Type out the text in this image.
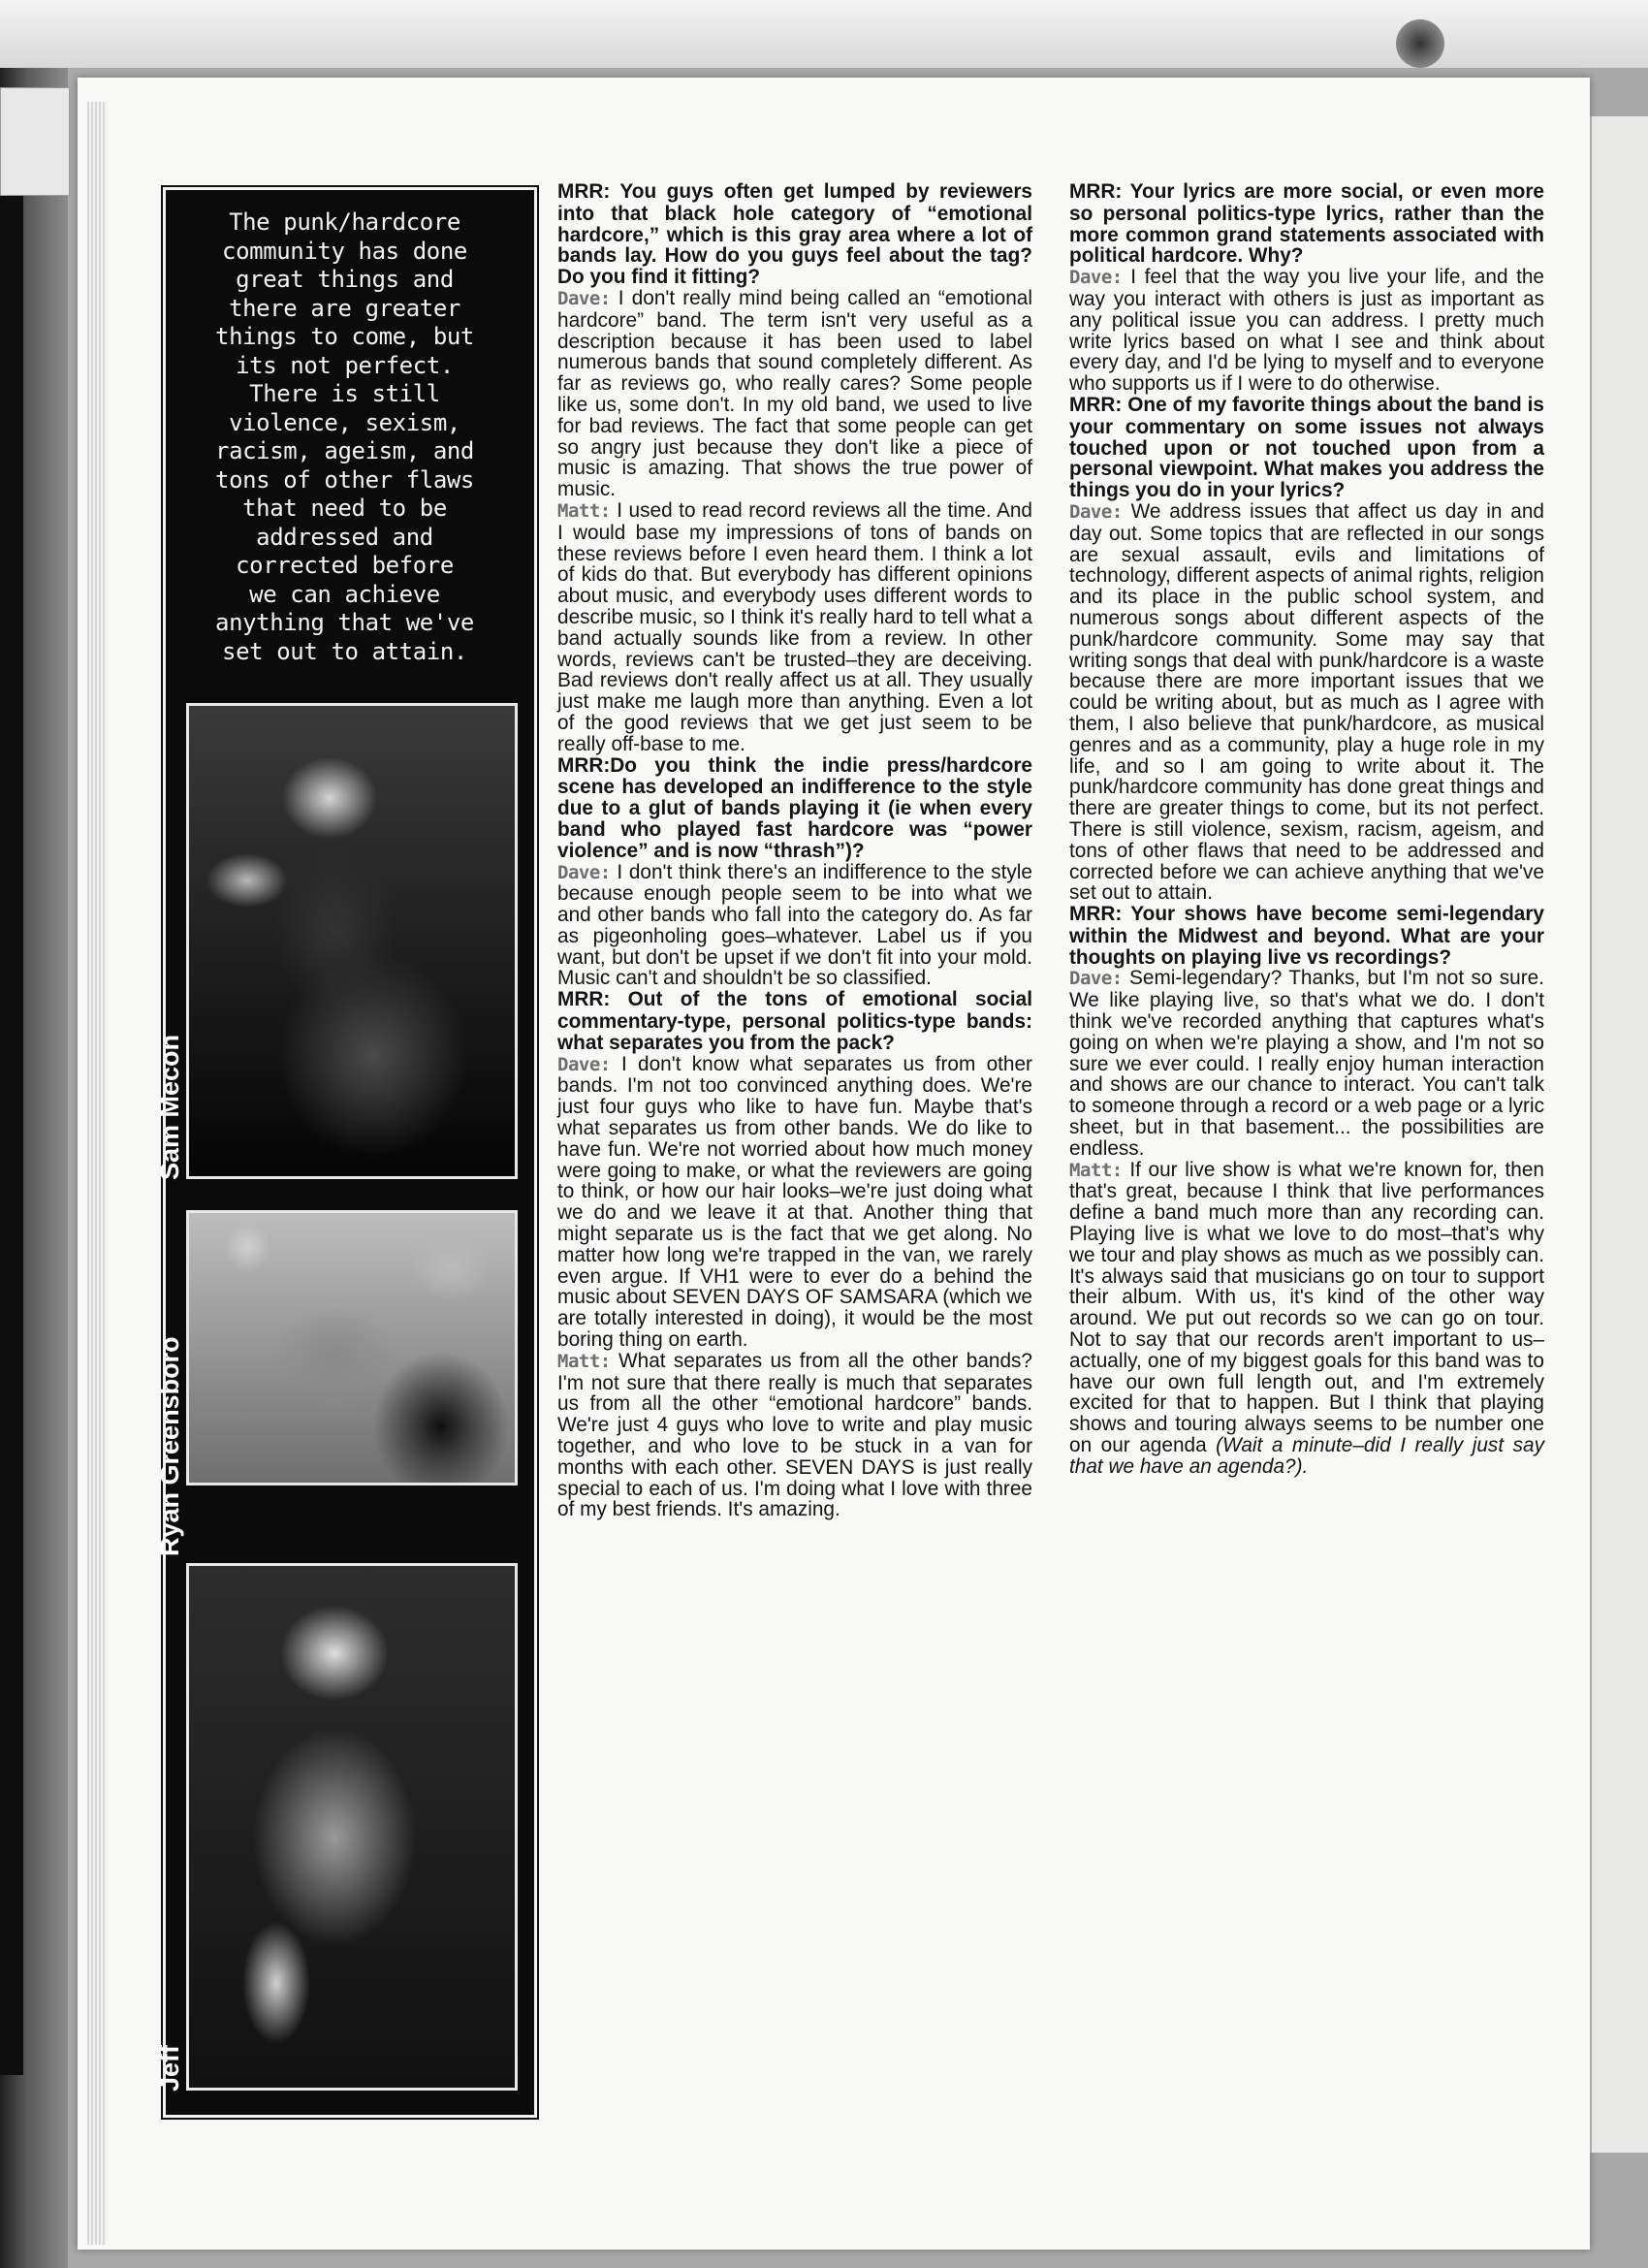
The punk/hardcore
community has done
great things and
there are greater
things to come, but
its not perfect.
There is still
violence, sexism,
racism, ageism, and
tons of other flaws
that need to be
addressed and
corrected before
we can achieve
anything that we've
set out to attain.

Sam Mecon
Ryan Greensboro
Jeff

MRR: You guys often get lumped by reviewers into that black hole category of “emotional hardcore,” which is this gray area where a lot of bands lay. How do you guys feel about the tag? Do you find it fitting?

Dave: I don't really mind being called an “emotional hardcore” band. The term isn't very useful as a description because it has been used to label numerous bands that sound completely different. As far as reviews go, who really cares? Some people like us, some don't. In my old band, we used to live for bad reviews. The fact that some people can get so angry just because they don't like a piece of music is amazing. That shows the true power of music.

Matt: I used to read record reviews all the time. And I would base my impressions of tons of bands on these reviews before I even heard them. I think a lot of kids do that. But everybody has different opinions about music, and everybody uses different words to describe music, so I think it's really hard to tell what a band actually sounds like from a review. In other words, reviews can't be trusted–they are deceiving. Bad reviews don't really affect us at all. They usually just make me laugh more than anything. Even a lot of the good reviews that we get just seem to be really off-base to me.

MRR:Do you think the indie press/hardcore scene has developed an indifference to the style due to a glut of bands playing it (ie when every band who played fast hardcore was “power violence” and is now “thrash”)?

Dave: I don't think there's an indifference to the style because enough people seem to be into what we and other bands who fall into the category do. As far as pigeonholing goes–whatever. Label us if you want, but don't be upset if we don't fit into your mold. Music can't and shouldn't be so classified.

MRR: Out of the tons of emotional social commentary-type, personal politics-type bands: what separates you from the pack?

Dave: I don't know what separates us from other bands. I'm not too convinced anything does. We're just four guys who like to have fun. Maybe that's what separates us from other bands. We do like to have fun. We're not worried about how much money were going to make, or what the reviewers are going to think, or how our hair looks–we're just doing what we do and we leave it at that. Another thing that might separate us is the fact that we get along. No matter how long we're trapped in the van, we rarely even argue. If VH1 were to ever do a behind the music about SEVEN DAYS OF SAMSARA (which we are totally interested in doing), it would be the most boring thing on earth.

Matt: What separates us from all the other bands? I'm not sure that there really is much that separates us from all the other “emotional hardcore” bands. We're just 4 guys who love to write and play music together, and who love to be stuck in a van for months with each other. SEVEN DAYS is just really special to each of us. I'm doing what I love with three of my best friends. It's amazing.

MRR: Your lyrics are more social, or even more so personal politics-type lyrics, rather than the more common grand statements associated with political hardcore. Why?

Dave: I feel that the way you live your life, and the way you interact with others is just as important as any political issue you can address. I pretty much write lyrics based on what I see and think about every day, and I'd be lying to myself and to everyone who supports us if I were to do otherwise.

MRR: One of my favorite things about the band is your commentary on some issues not always touched upon or not touched upon from a personal viewpoint. What makes you address the things you do in your lyrics?

Dave: We address issues that affect us day in and day out. Some topics that are reflected in our songs are sexual assault, evils and limitations of technology, different aspects of animal rights, religion and its place in the public school system, and numerous songs about different aspects of the punk/hardcore community. Some may say that writing songs that deal with punk/hardcore is a waste because there are more important issues that we could be writing about, but as much as I agree with them, I also believe that punk/hardcore, as musical genres and as a community, play a huge role in my life, and so I am going to write about it. The punk/hardcore community has done great things and there are greater things to come, but its not perfect. There is still violence, sexism, racism, ageism, and tons of other flaws that need to be addressed and corrected before we can achieve anything that we've set out to attain.

MRR: Your shows have become semi-legendary within the Midwest and beyond. What are your thoughts on playing live vs recordings?

Dave: Semi-legendary? Thanks, but I'm not so sure. We like playing live, so that's what we do. I don't think we've recorded anything that captures what's going on when we're playing a show, and I'm not so sure we ever could. I really enjoy human interaction and shows are our chance to interact. You can't talk to someone through a record or a web page or a lyric sheet, but in that basement... the possibilities are endless.

Matt: If our live show is what we're known for, then that's great, because I think that live performances define a band much more than any recording can. Playing live is what we love to do most–that's why we tour and play shows as much as we possibly can. It's always said that musicians go on tour to support their album. With us, it's kind of the other way around. We put out records so we can go on tour. Not to say that our records aren't important to us–actually, one of my biggest goals for this band was to have our own full length out, and I'm extremely excited for that to happen. But I think that playing shows and touring always seems to be number one on our agenda (Wait a minute–did I really just say that we have an agenda?).
